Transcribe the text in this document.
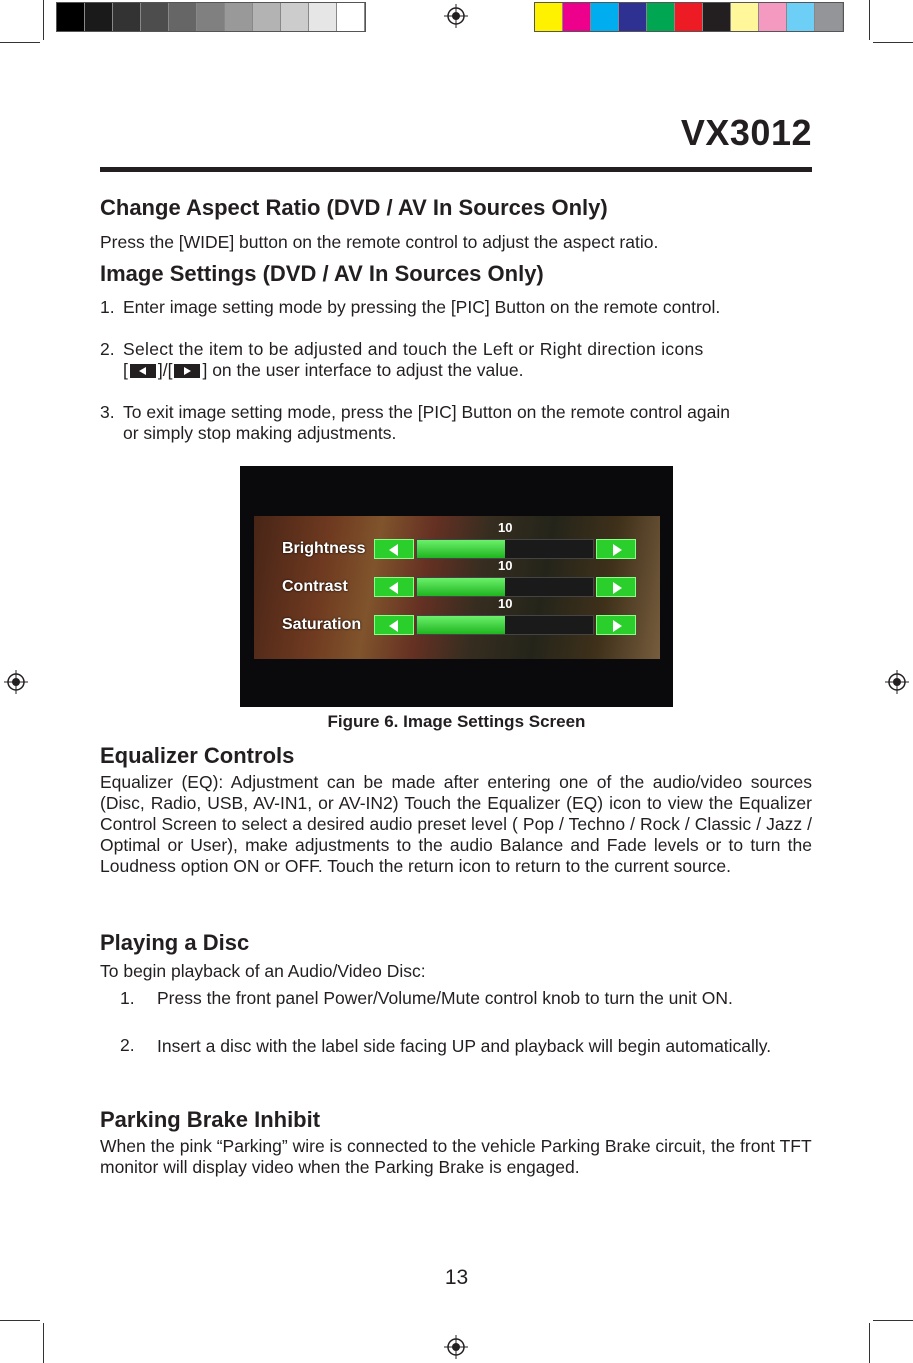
VX3012
Change Aspect Ratio (DVD / AV In Sources Only)
Press the [WIDE] button on the remote control to adjust the aspect ratio.
Image Settings (DVD / AV In Sources Only)
1. Enter image setting mode by pressing the [PIC] Button on the remote control.
2. Select the item to be adjusted and touch the Left or Right direction icons
[ ]/[ ] on the user interface to adjust the value.
3. To exit image setting mode, press the [PIC] Button on the remote control again
or simply stop making adjustments.
10
Brightness
10
Contrast
10
Saturation
Figure 6. Image Settings Screen
Equalizer Controls
Equalizer (EQ): Adjustment can be made after entering one of the audio/video sources (Disc, Radio, USB, AV-IN1, or AV-IN2) Touch the Equalizer (EQ) icon to view the Equalizer Control Screen to select a desired audio preset level ( Pop / Techno / Rock / Classic / Jazz / Optimal or User), make adjustments to the audio Balance and Fade levels or to turn the Loudness option ON or OFF. Touch the return icon to return to the current source.
Playing a Disc
To begin playback of an Audio/Video Disc:
1. Press the front panel Power/Volume/Mute control knob to turn the unit ON.
2. Insert a disc with the label side facing UP and playback will begin automatically.
Parking Brake Inhibit
When the pink “Parking” wire is connected to the vehicle Parking Brake circuit, the front TFT monitor will display video when the Parking Brake is engaged.
13
